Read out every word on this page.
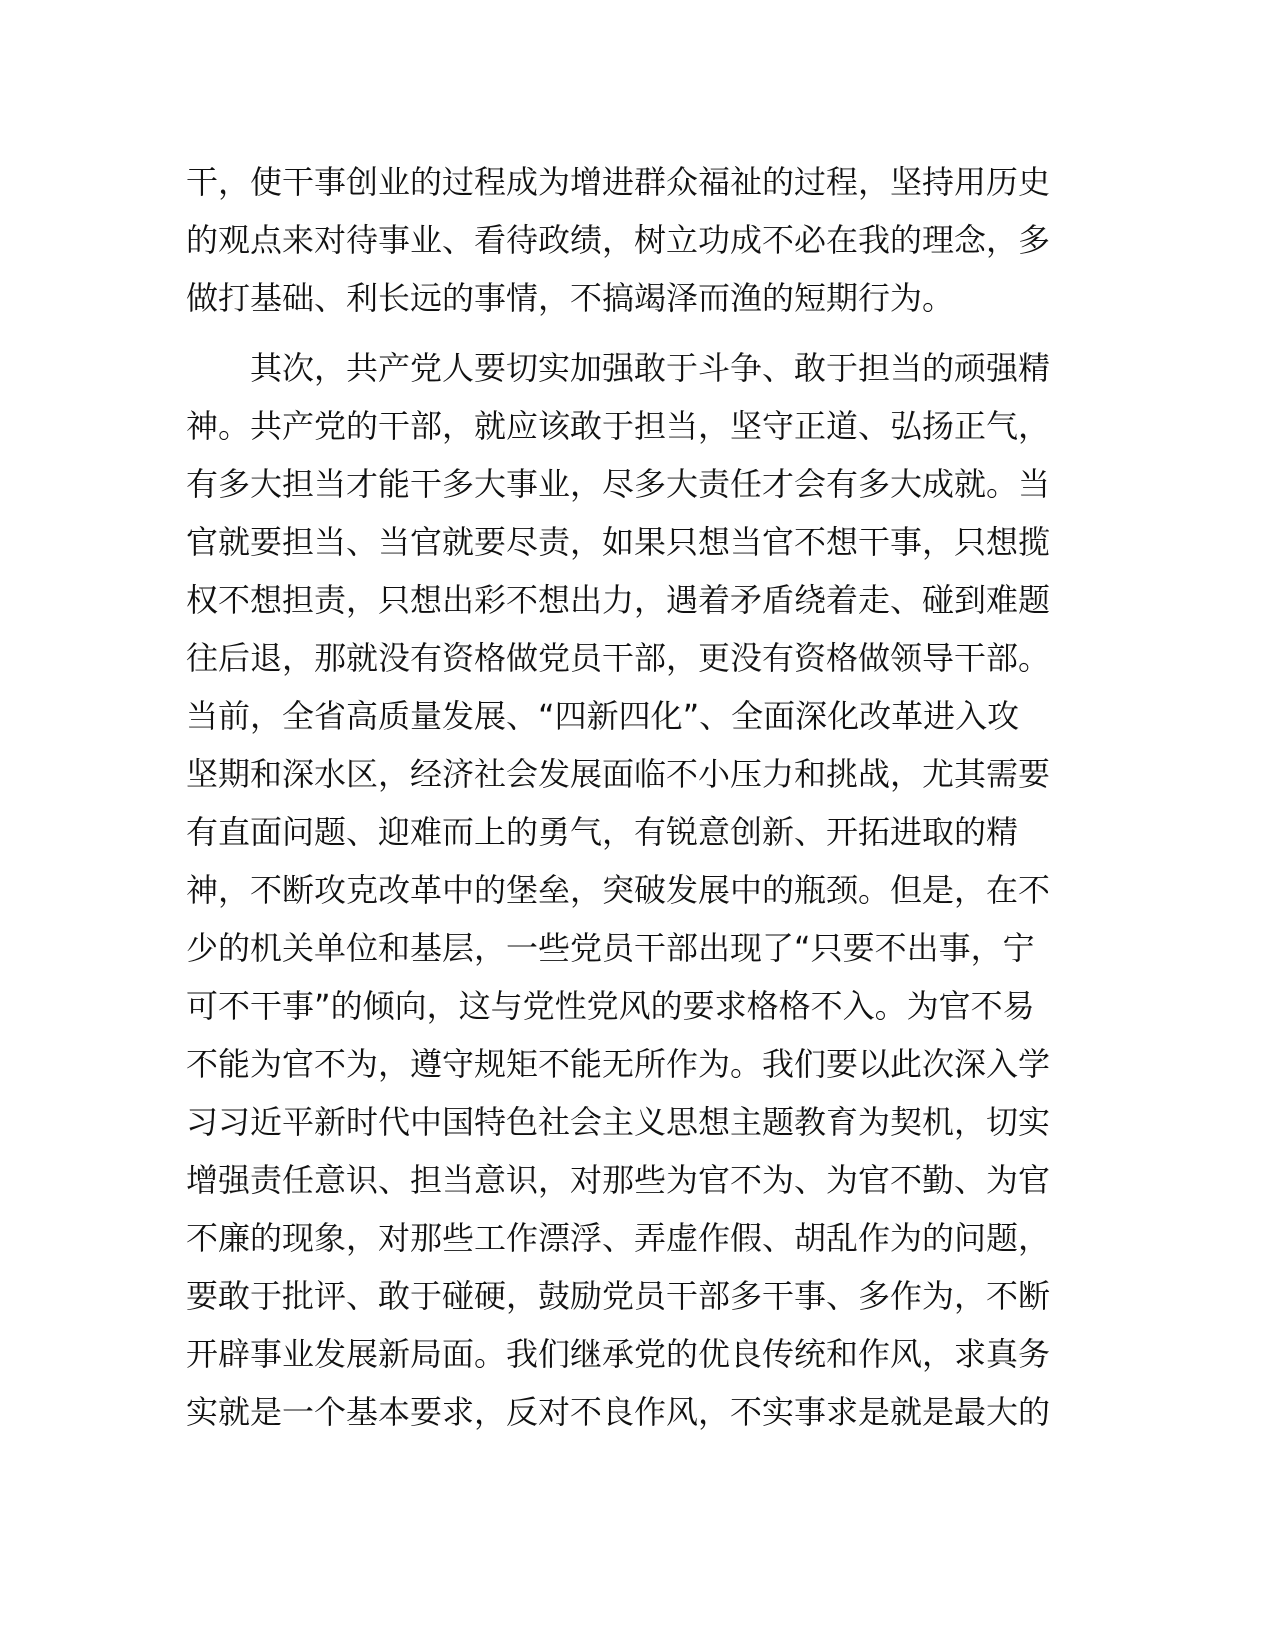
干，使干事创业的过程成为增进群众福祉的过程，坚持用历史
的观点来对待事业、看待政绩，树立功成不必在我的理念，多
做打基础、利长远的事情，不搞竭泽而渔的短期行为。
　　其次，共产党人要切实加强敢于斗争、敢于担当的顽强精
神。共产党的干部，就应该敢于担当，坚守正道、弘扬正气，
有多大担当才能干多大事业，尽多大责任才会有多大成就。当
官就要担当、当官就要尽责，如果只想当官不想干事，只想揽
权不想担责，只想出彩不想出力，遇着矛盾绕着走、碰到难题
往后退，那就没有资格做党员干部，更没有资格做领导干部。
当前，全省高质量发展、“四新四化”、全面深化改革进入攻
坚期和深水区，经济社会发展面临不小压力和挑战，尤其需要
有直面问题、迎难而上的勇气，有锐意创新、开拓进取的精
神，不断攻克改革中的堡垒，突破发展中的瓶颈。但是，在不
少的机关单位和基层，一些党员干部出现了“只要不出事，宁
可不干事”的倾向，这与党性党风的要求格格不入。为官不易
不能为官不为，遵守规矩不能无所作为。我们要以此次深入学
习习近平新时代中国特色社会主义思想主题教育为契机，切实
增强责任意识、担当意识，对那些为官不为、为官不勤、为官
不廉的现象，对那些工作漂浮、弄虚作假、胡乱作为的问题，
要敢于批评、敢于碰硬，鼓励党员干部多干事、多作为，不断
开辟事业发展新局面。我们继承党的优良传统和作风，求真务
实就是一个基本要求，反对不良作风，不实事求是就是最大的
